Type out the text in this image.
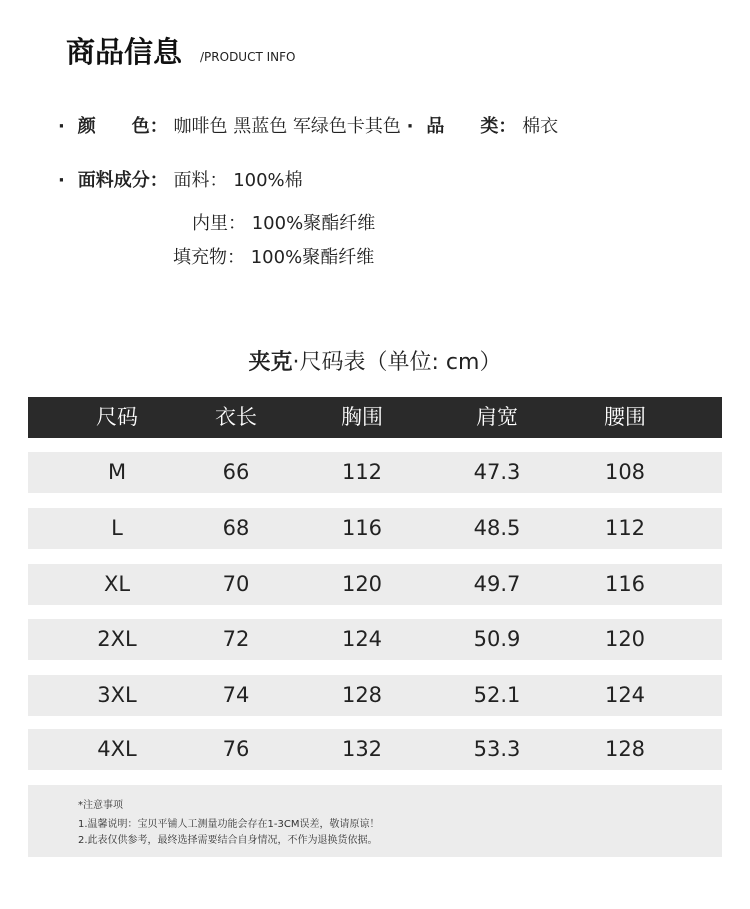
商品信息 /PRODUCT INFO
· 颜　　色： 咖啡色 黑蓝色 军绿色卡其色 · 品　　类： 棉衣
· 面料成分： 面料： 100%棉
内里： 100%聚酯纤维
填充物： 100%聚酯纤维
夹克·尺码表（单位: cm）
尺码	衣长	胸围	肩宽	腰围
M	66	112	47.3	108
L	68	116	48.5	112
XL	70	120	49.7	116
2XL	72	124	50.9	120
3XL	74	128	52.1	124
4XL	76	132	53.3	128
*注意事项
1.温馨说明：宝贝平铺人工测量功能会存在1-3CM误差，敬请原谅！
2.此表仅供参考，最终选择需要结合自身情况，不作为退换货依据。
